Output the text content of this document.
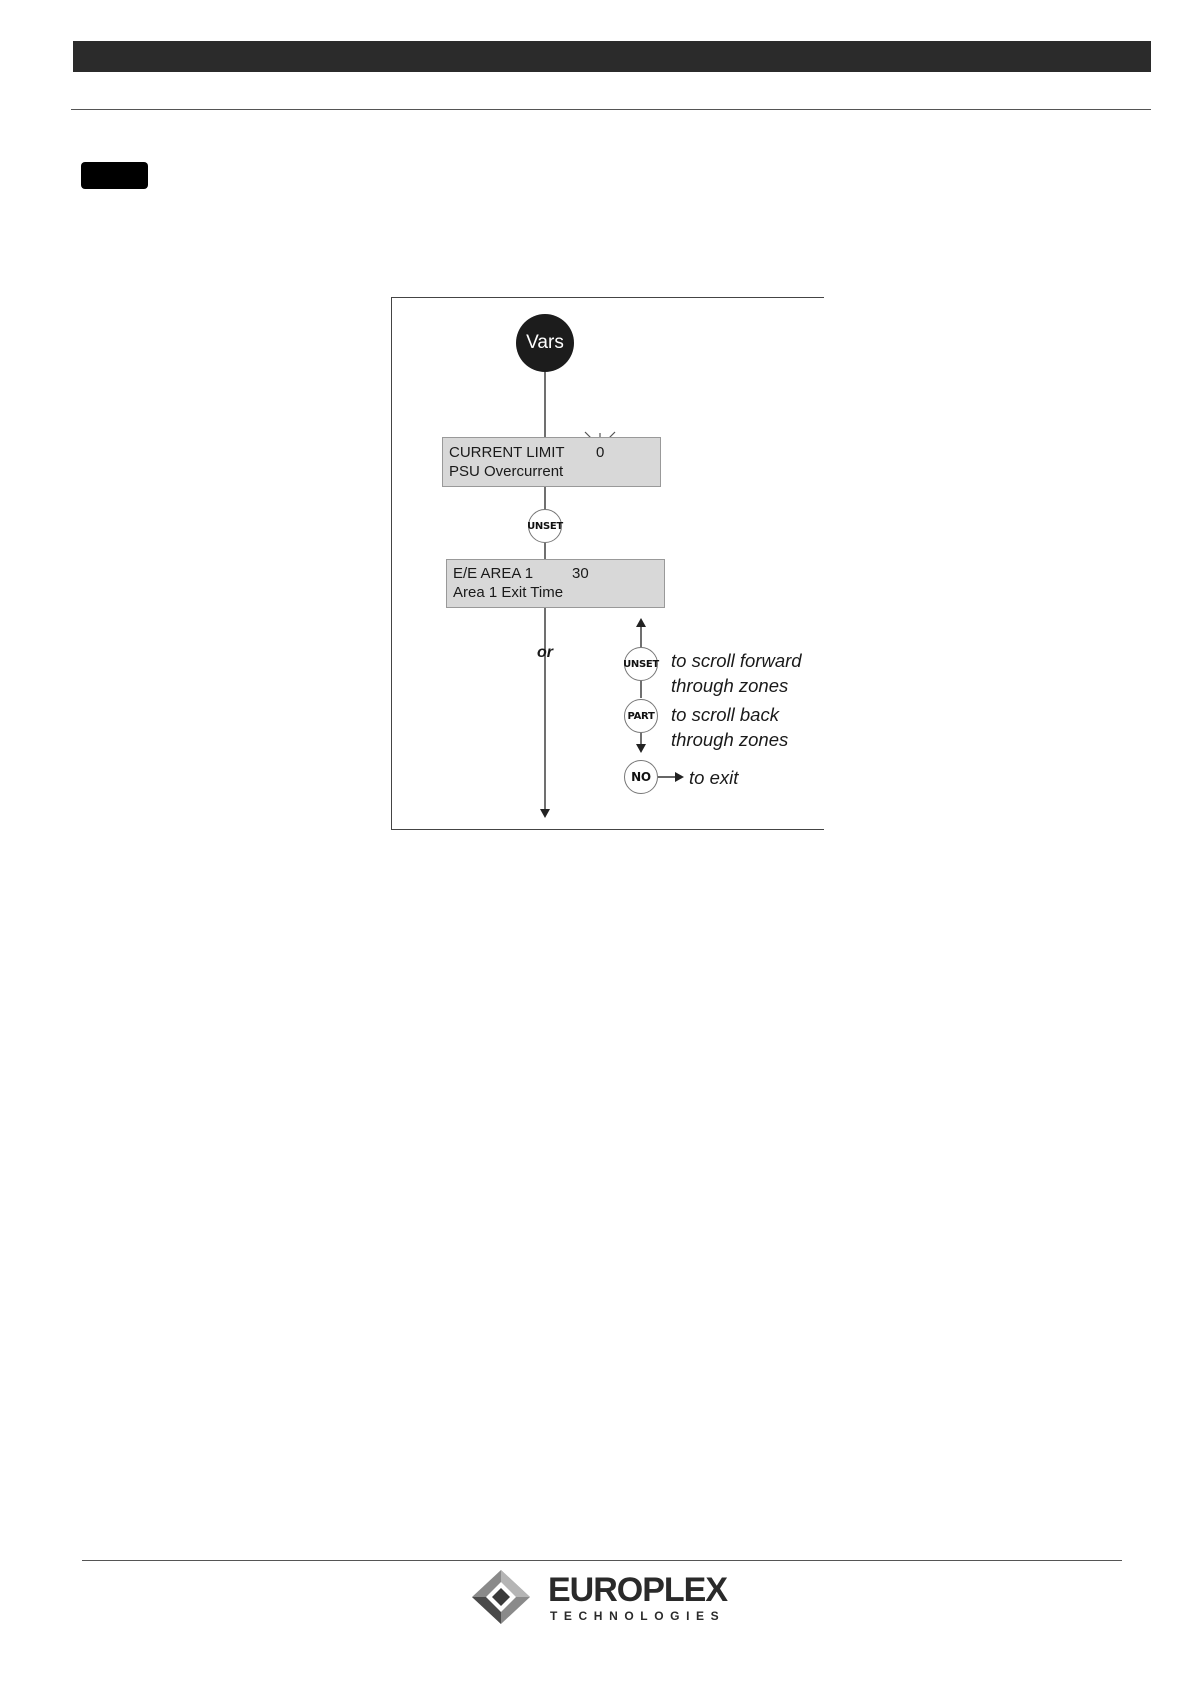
Vars
CURRENT LIMIT 0
PSU Overcurrent
UNSET
E/E AREA 1	30
Area 1 Exit Time
or
UNSET to scroll forward
through zones
PART to scroll back
through zones
NO to exit
EUROPLEX
TECHNOLOGIES
